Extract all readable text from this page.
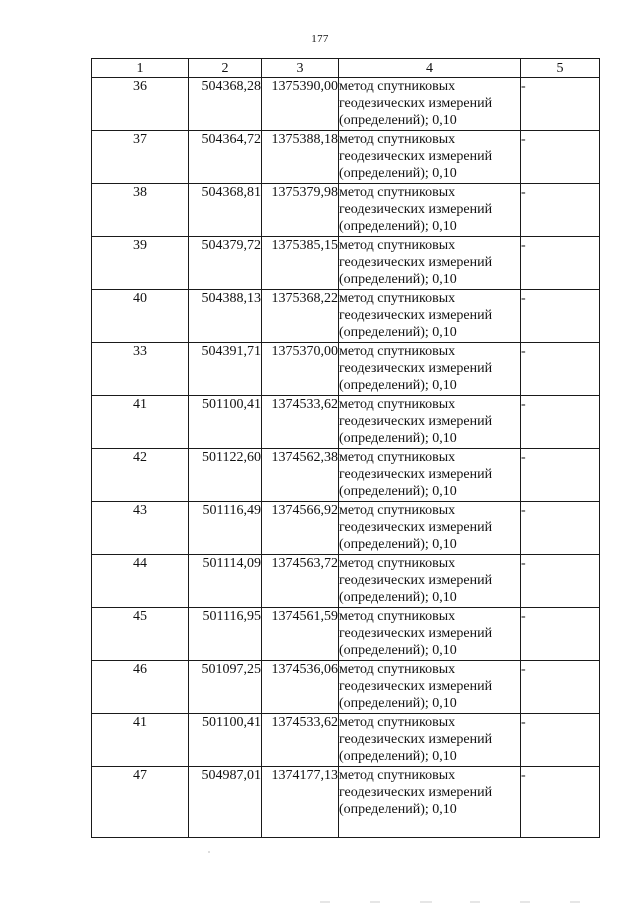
177
1	2	3	4	5
36	504368,28	1375390,00	метод спутниковых
геодезических измерений
(определений); 0,10	-
37	504364,72	1375388,18	метод спутниковых
геодезических измерений
(определений); 0,10	-
38	504368,81	1375379,98	метод спутниковых
геодезических измерений
(определений); 0,10	-
39	504379,72	1375385,15	метод спутниковых
геодезических измерений
(определений); 0,10	-
40	504388,13	1375368,22	метод спутниковых
геодезических измерений
(определений); 0,10	-
33	504391,71	1375370,00	метод спутниковых
геодезических измерений
(определений); 0,10	-
41	501100,41	1374533,62	метод спутниковых
геодезических измерений
(определений); 0,10	-
42	501122,60	1374562,38	метод спутниковых
геодезических измерений
(определений); 0,10	-
43	501116,49	1374566,92	метод спутниковых
геодезических измерений
(определений); 0,10	-
44	501114,09	1374563,72	метод спутниковых
геодезических измерений
(определений); 0,10	-
45	501116,95	1374561,59	метод спутниковых
геодезических измерений
(определений); 0,10	-
46	501097,25	1374536,06	метод спутниковых
геодезических измерений
(определений); 0,10	-
41	501100,41	1374533,62	метод спутниковых
геодезических измерений
(определений); 0,10	-
47	504987,01	1374177,13	метод спутниковых
геодезических измерений
(определений); 0,10	-
